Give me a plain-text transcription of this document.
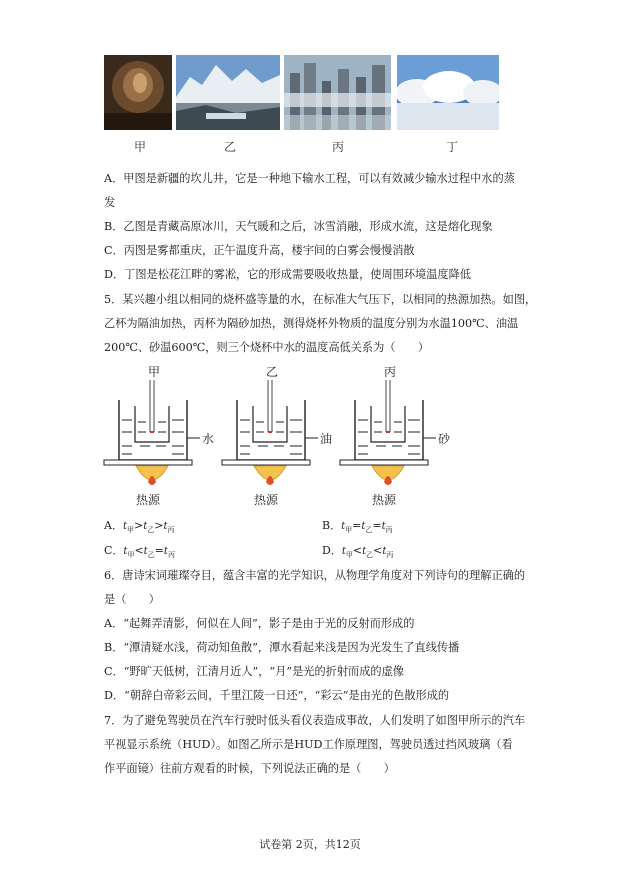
甲	乙	丙	丁
A．甲图是新疆的坎儿井，它是一种地下输水工程，可以有效减少输水过程中水的蒸
发
B．乙图是青藏高原冰川，天气暖和之后，冰雪消融，形成水流，这是熔化现象
C．丙图是雾都重庆，正午温度升高，楼宇间的白雾会慢慢消散
D．丁图是松花江畔的雾凇，它的形成需要吸收热量，使周围环境温度降低
5．某兴趣小组以相同的烧杯盛等量的水，在标准大气压下，以相同的热源加热。如图，
乙杯为隔油加热，丙杯为隔砂加热，测得烧杯外物质的温度分别为水温100℃、油温
200℃、砂温600℃，则三个烧杯中水的温度高低关系为（　　）
甲
水
热源
乙
油
热源
丙
砂
热源
A．$t_甲>t_乙>t_丙$	B．$t_甲=t_乙=t_丙$
C．$t_甲<t_乙=t_丙$	D．$t_甲<t_乙<t_丙$
6．唐诗宋词璀璨夺目，蕴含丰富的光学知识，从物理学角度对下列诗句的理解正确的
是（　　）
A．“起舞弄清影，何似在人间”，影子是由于光的反射而形成的
B．“潭清疑水浅，荷动知鱼散”，潭水看起来浅是因为光发生了直线传播
C．“野旷天低树，江清月近人”，“月”是光的折射而成的虚像
D．“朝辞白帝彩云间，千里江陵一日还”，“彩云”是由光的色散形成的
7．为了避免驾驶员在汽车行驶时低头看仪表造成事故，人们发明了如图甲所示的汽车
平视显示系统（HUD）。如图乙所示是HUD工作原理图，驾驶员透过挡风玻璃（看
作平面镜）往前方观看的时候，下列说法正确的是（　　）
试卷第 2页，共12页
